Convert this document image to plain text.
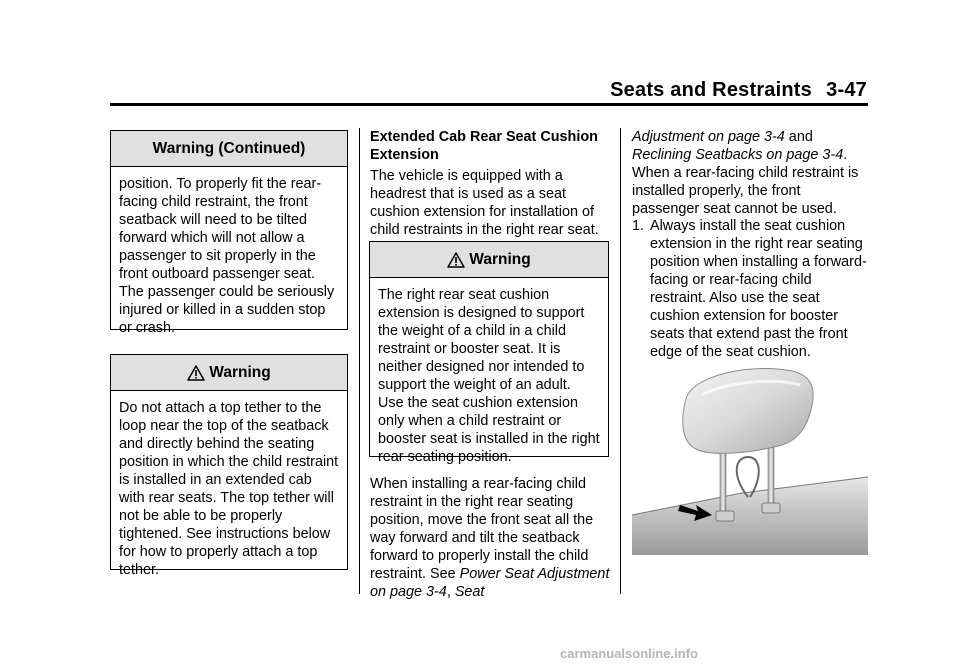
Seats and Restraints 3-47
Warning (Continued)
position. To properly fit the rear-facing child restraint, the front seatback will need to be tilted forward which will not allow a passenger to sit properly in the front outboard passenger seat. The passenger could be seriously injured or killed in a sudden stop or crash.
Warning
Do not attach a top tether to the loop near the top of the seatback and directly behind the seating position in which the child restraint is installed in an extended cab with rear seats. The top tether will not be able to be properly tightened. See instructions below for how to properly attach a top tether.
Extended Cab Rear Seat Cushion Extension
The vehicle is equipped with a headrest that is used as a seat cushion extension for installation of child restraints in the right rear seat.
Warning
The right rear seat cushion extension is designed to support the weight of a child in a child restraint or booster seat. It is neither designed nor intended to support the weight of an adult. Use the seat cushion extension only when a child restraint or booster seat is installed in the right rear seating position.
When installing a rear-facing child restraint in the right rear seating position, move the front seat all the way forward and tilt the seatback forward to properly install the child restraint. See Power Seat Adjustment on page 3-4, Seat
Adjustment on page 3-4 and Reclining Seatbacks on page 3-4. When a rear-facing child restraint is installed properly, the front passenger seat cannot be used.
1. Always install the seat cushion extension in the right rear seating position when installing a forward-facing or rear-facing child restraint. Also use the seat cushion extension for booster seats that extend past the front edge of the seat cushion.
carmanualsonline.info
